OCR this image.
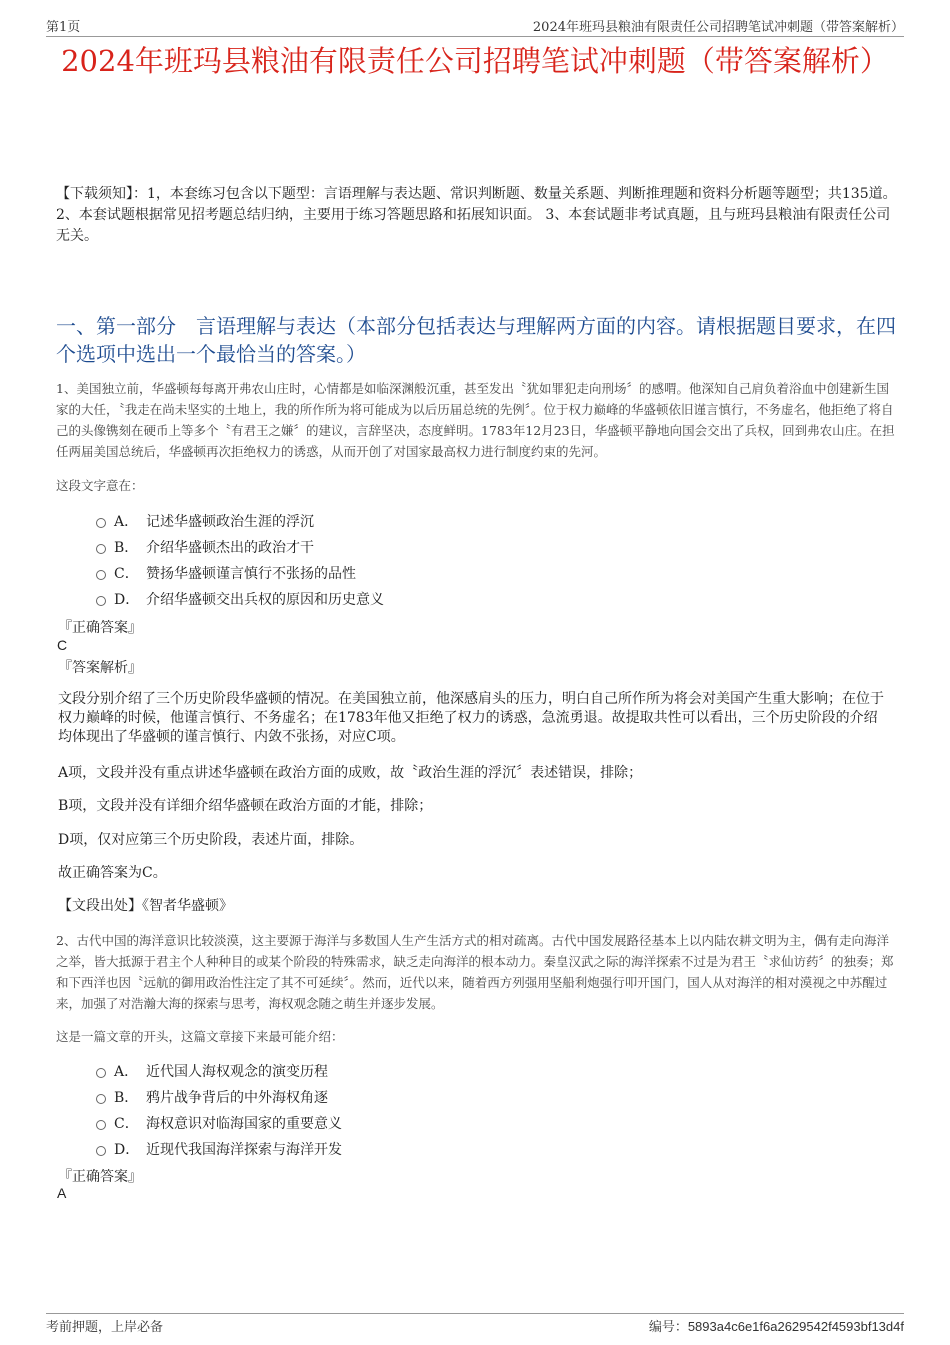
第1页	2024年班玛县粮油有限责任公司招聘笔试冲刺题（带答案解析）
2024年班玛县粮油有限责任公司招聘笔试冲刺题（带答案解析）
【下载须知】：1，本套练习包含以下题型：言语理解与表达题、常识判断题、数量关系题、判断推理题和资料分析题等题型；共135道。 2、本套试题根据常见招考题总结归纳，主要用于练习答题思路和拓展知识面。 3、本套试题非考试真题，且与班玛县粮油有限责任公司无关。
一、第一部分　言语理解与表达（本部分包括表达与理解两方面的内容。请根据题目要求，在四个选项中选出一个最恰当的答案。）
1、美国独立前，华盛顿每每离开弗农山庄时，心情都是如临深渊般沉重，甚至发出〝犹如罪犯走向刑场〞的感喟。他深知自己肩负着浴血中创建新生国家的大任，〝我走在尚未坚实的土地上，我的所作所为将可能成为以后历届总统的先例〞。位于权力巅峰的华盛顿依旧谨言慎行，不务虚名，他拒绝了将自己的头像镌刻在硬币上等多个〝有君王之嫌〞的建议，言辞坚决，态度鲜明。1783年12月23日，华盛顿平静地向国会交出了兵权，回到弗农山庄。在担任两届美国总统后，华盛顿再次拒绝权力的诱惑，从而开创了对国家最高权力进行制度约束的先河。
这段文字意在：
A． 记述华盛顿政治生涯的浮沉
B． 介绍华盛顿杰出的政治才干
C． 赞扬华盛顿谨言慎行不张扬的品性
D． 介绍华盛顿交出兵权的原因和历史意义
『正确答案』
C
『答案解析』
文段分别介绍了三个历史阶段华盛顿的情况。在美国独立前，他深感肩头的压力，明白自己所作所为将会对美国产生重大影响；在位于权力巅峰的时候，他谨言慎行、不务虚名；在1783年他又拒绝了权力的诱惑，急流勇退。故提取共性可以看出，三个历史阶段的介绍均体现出了华盛顿的谨言慎行、内敛不张扬，对应C项。
A项，文段并没有重点讲述华盛顿在政治方面的成败，故〝政治生涯的浮沉〞表述错误，排除；
B项，文段并没有详细介绍华盛顿在政治方面的才能，排除；
D项，仅对应第三个历史阶段，表述片面，排除。
故正确答案为C。
【文段出处】《智者华盛顿》
2、古代中国的海洋意识比较淡漠，这主要源于海洋与多数国人生产生活方式的相对疏离。古代中国发展路径基本上以内陆农耕文明为主，偶有走向海洋之举，皆大抵源于君主个人种种目的或某个阶段的特殊需求，缺乏走向海洋的根本动力。秦皇汉武之际的海洋探索不过是为君王〝求仙访药〞的独奏；郑和下西洋也因〝远航的御用政治性注定了其不可延续〞。然而，近代以来，随着西方列强用坚船利炮强行叩开国门，国人从对海洋的相对漠视之中苏醒过来，加强了对浩瀚大海的探索与思考，海权观念随之萌生并逐步发展。
这是一篇文章的开头，这篇文章接下来最可能介绍：
A． 近代国人海权观念的演变历程
B． 鸦片战争背后的中外海权角逐
C． 海权意识对临海国家的重要意义
D． 近现代我国海洋探索与海洋开发
『正确答案』
A
考前押题，上岸必备	编号：5893a4c6e1f6a2629542f4593bf13d4f
